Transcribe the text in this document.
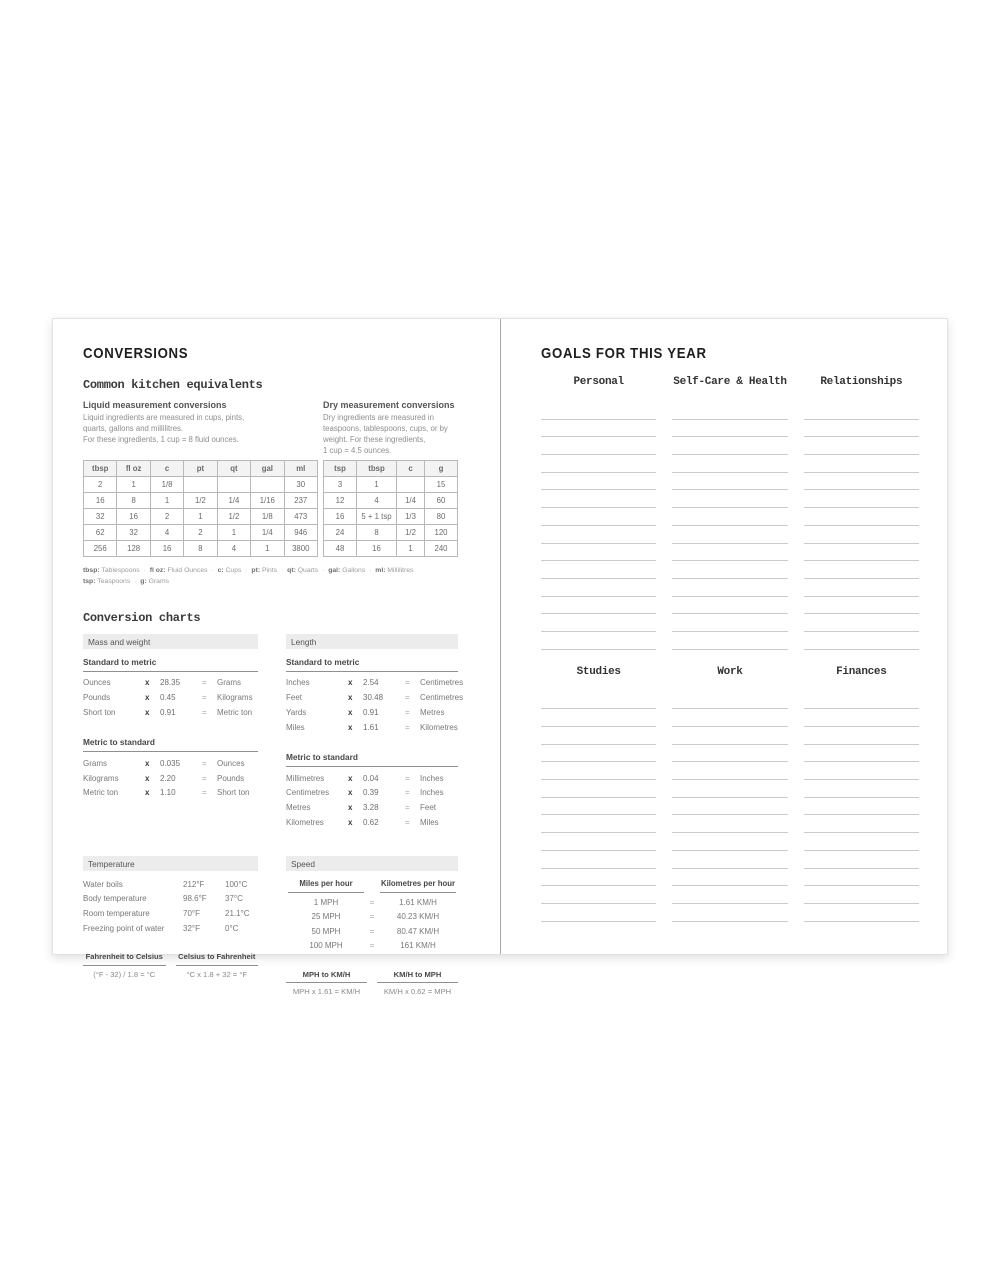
CONVERSIONS
Common kitchen equivalents
Liquid measurement conversions
Liquid ingredients are measured in cups, pints,
quarts, gallons and millilitres.
For these ingredients, 1 cup = 8 fluid ounces.
tbsp	fl oz	c	pt	qt	gal	ml
2	1	1/8				30
16	8	1	1/2	1/4	1/16	237
32	16	2	1	1/2	1/8	473
62	32	4	2	1	1/4	946
256	128	16	8	4	1	3800
Dry measurement conversions
Dry ingredients are measured in
teaspoons, tablespoons, cups, or by
weight. For these ingredients,
1 cup = 4.5 ounces.
tsp	tbsp	c	g
3	1		15
12	4	1/4	60
16	5 + 1 tsp	1/3	80
24	8	1/2	120
48	16	1	240
tbsp: Tablespoons · fl oz: Fluid Ounces · c: Cups · pt: Pints · qt: Quarts · gal: Gallons · ml: Millilitres
tsp: Teaspoons · g: Grams
Conversion charts
Mass and weight
Standard to metric
Ounces	x	28.35	=	Grams
Pounds	x	0.45	=	Kilograms
Short ton	x	0.91	=	Metric ton
Metric to standard
Grams	x	0.035	=	Ounces
Kilograms	x	2.20	=	Pounds
Metric ton	x	1.10	=	Short ton
Length
Standard to metric
Inches	x	2.54	=	Centimetres
Feet	x	30.48	=	Centimetres
Yards	x	0.91	=	Metres
Miles	x	1.61	=	Kilometres
Metric to standard
Millimetres	x	0.04	=	Inches
Centimetres	x	0.39	=	Inches
Metres	x	3.28	=	Feet
Kilometres	x	0.62	=	Miles
Temperature
Water boils	212°F	100°C
Body temperature	98.6°F	37°C
Room temperature	70°F	21.1°C
Freezing point of water	32°F	0°C
Fahrenheit to Celsius
(°F - 32) / 1.8 = °C
Celsius to Fahrenheit
°C x 1.8 + 32 = °F
Speed
Miles per hour	Kilometres per hour
1 MPH	=	1.61 KM/H
25 MPH	=	40.23 KM/H
50 MPH	=	80.47 KM/H
100 MPH	=	161 KM/H
MPH to KM/H
MPH x 1.61 = KM/H
KM/H to MPH
KM/H x 0.62 = MPH
GOALS FOR THIS YEAR
Personal	Self-Care & Health	Relationships
Studies	Work	Finances
